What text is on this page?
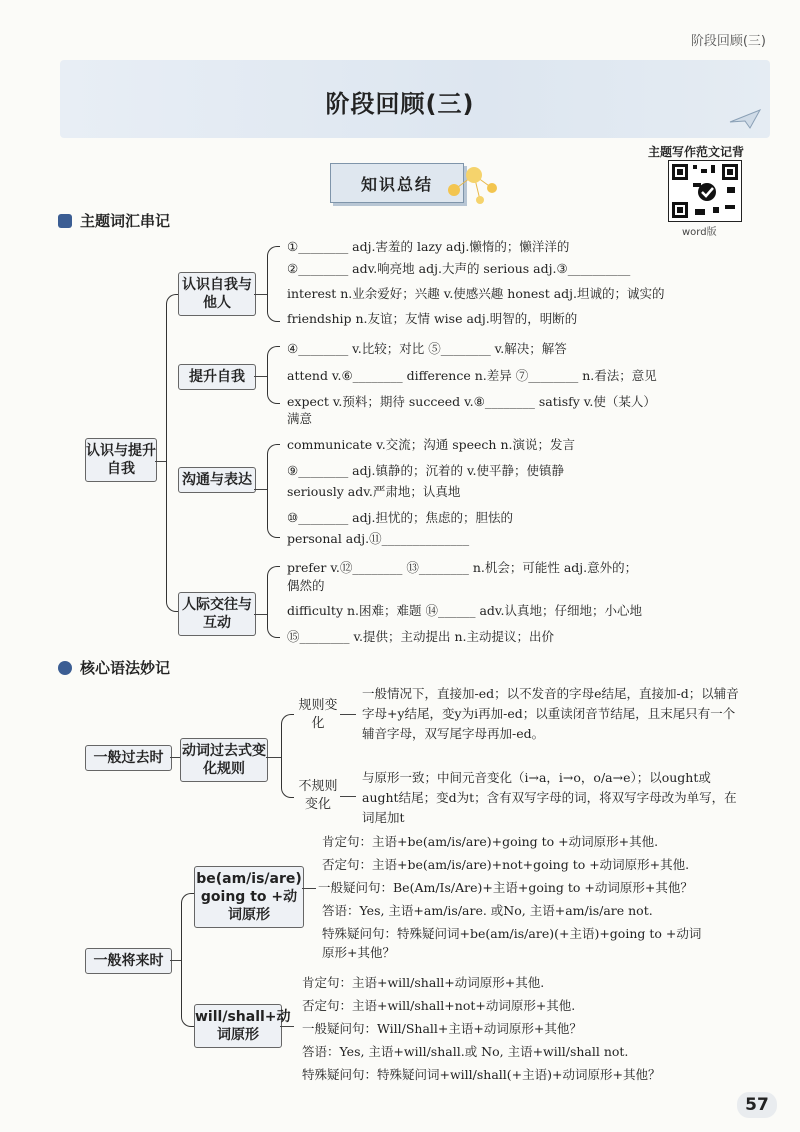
阶段回顾(三)
阶段回顾(三)
主题写作范文记背
word版
知识总结
主题词汇串记
认识与提升自我
认识自我与他人
提升自我
沟通与表达
人际交往与互动
①________ adj.害羞的 lazy adj.懒惰的；懒洋洋的
②________ adv.响亮地 adj.大声的 serious adj.③__________
interest n.业余爱好；兴趣 v.使感兴趣 honest adj.坦诚的；诚实的
friendship n.友谊；友情 wise adj.明智的，明断的
④________ v.比较；对比 ⑤________ v.解决；解答
attend v.⑥________ difference n.差异 ⑦________ n.看法；意见
expect v.预料；期待 succeed v.⑧________ satisfy v.使（某人）
满意
communicate v.交流；沟通 speech n.演说；发言
⑨________ adj.镇静的；沉着的 v.使平静；使镇静
seriously adv.严肃地；认真地
⑩________ adj.担忧的；焦虑的；胆怯的
personal adj.⑪______________
prefer v.⑫________ ⑬________ n.机会；可能性 adj.意外的；
偶然的
difficulty n.困难；难题 ⑭______ adv.认真地；仔细地；小心地
⑮________ v.提供；主动提出 n.主动提议；出价
核心语法妙记
一般过去时	动词过去式变化规则
规则变化
一般情况下，直接加-ed；以不发音的字母e结尾，直接加-d；以辅音字母+y结尾，变y为i再加-ed；以重读闭音节结尾，且末尾只有一个辅音字母，双写尾字母再加-ed。
不规则变化
与原形一致；中间元音变化（i→a，i→o，o/a→e）；以ought或aught结尾；变d为t；含有双写字母的词，将双写字母改为单写，在词尾加t
一般将来时
be(am/is/are) going to +动词原形
will/shall+动词原形
肯定句：主语+be(am/is/are)+going to +动词原形+其他.
否定句：主语+be(am/is/are)+not+going to +动词原形+其他.
一般疑问句：Be(Am/Is/Are)+主语+going to +动词原形+其他？
答语：Yes, 主语+am/is/are. 或No, 主语+am/is/are not.
特殊疑问句：特殊疑问词+be(am/is/are)(+主语)+going to +动词
原形+其他？
肯定句：主语+will/shall+动词原形+其他.
否定句：主语+will/shall+not+动词原形+其他.
一般疑问句：Will/Shall+主语+动词原形+其他？
答语：Yes, 主语+will/shall.或 No, 主语+will/shall not.
特殊疑问句：特殊疑问词+will/shall(+主语)+动词原形+其他？
57
